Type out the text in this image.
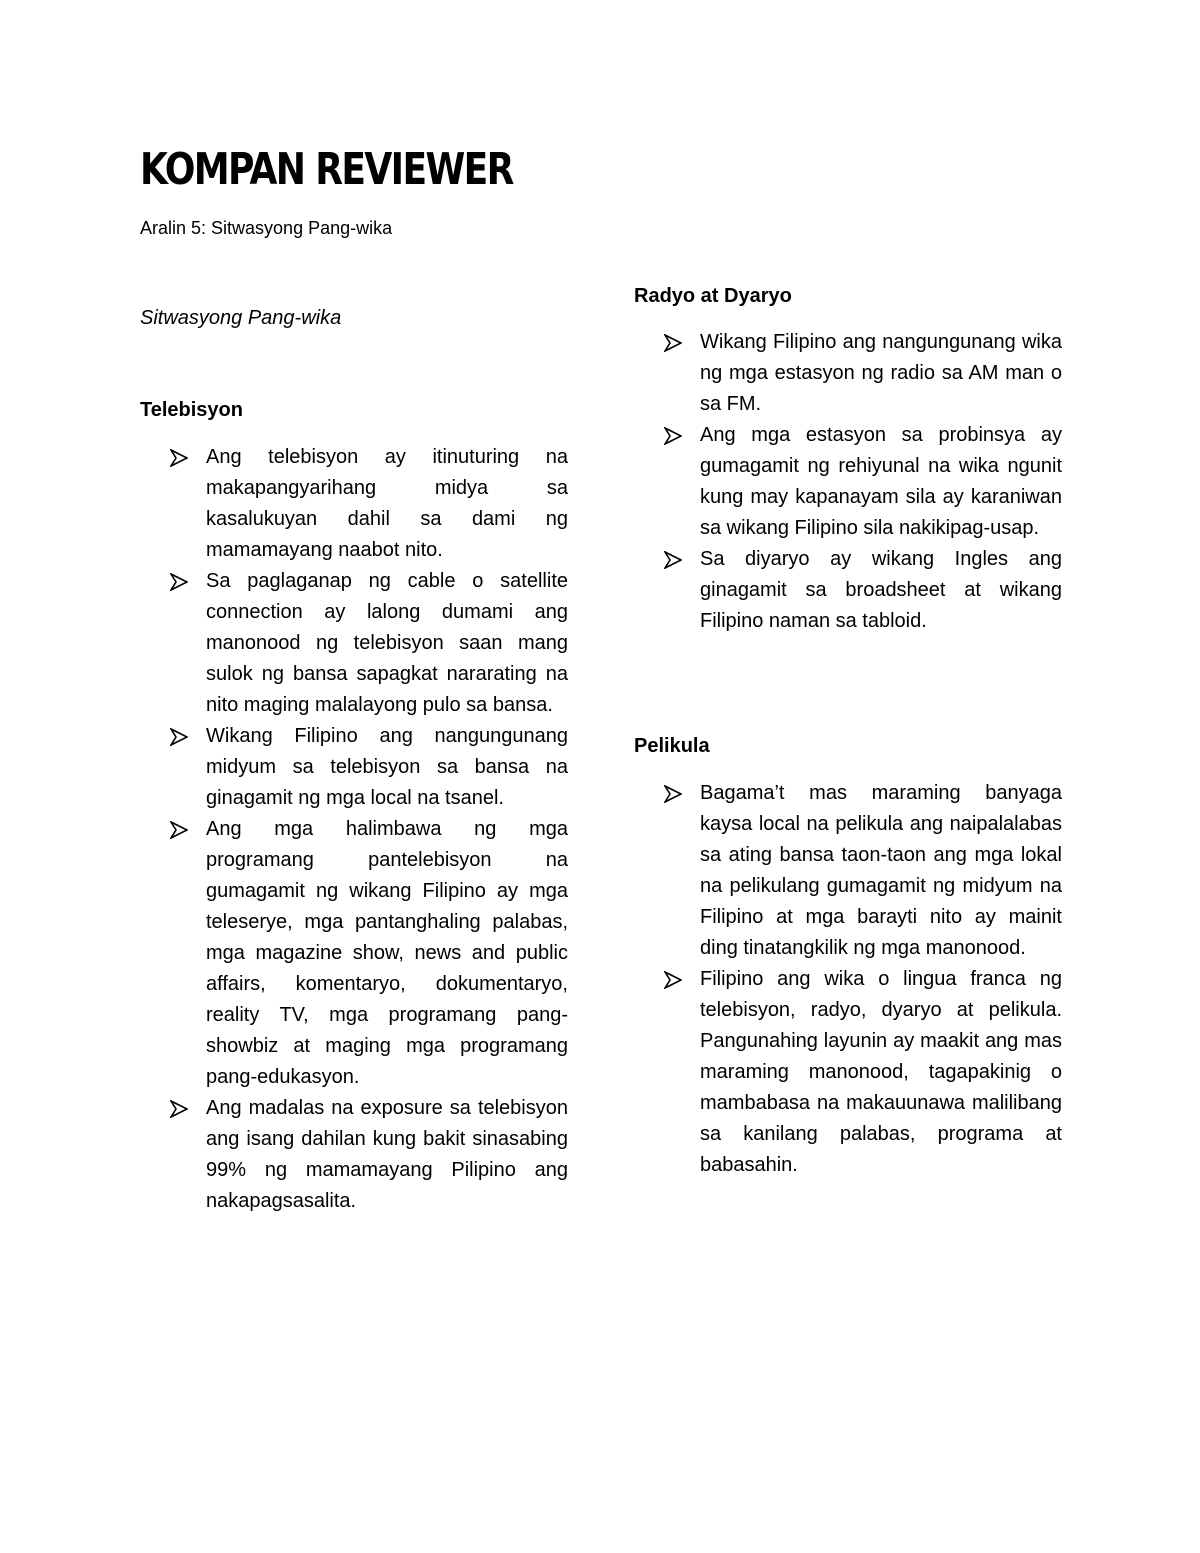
KOMPAN REVIEWER
Aralin 5: Sitwasyong Pang-wika
Sitwasyong Pang-wika
Telebisyon
Ang telebisyon ay itinuturing na makapangyarihang midya sa kasalukuyan dahil sa dami ng mamamayang naabot nito.
Sa paglaganap ng cable o satellite connection ay lalong dumami ang manonood ng telebisyon saan mang sulok ng bansa sapagkat nararating na nito maging malalayong pulo sa bansa.
Wikang Filipino ang nangungunang midyum sa telebisyon sa bansa na ginagamit ng mga local na tsanel.
Ang mga halimbawa ng mga programang pantelebisyon na gumagamit ng wikang Filipino ay mga teleserye, mga pantanghaling palabas, mga magazine show, news and public affairs, komentaryo, dokumentaryo, reality TV, mga programang pang-showbiz at maging mga programang pang-edukasyon.
Ang madalas na exposure sa telebisyon ang isang dahilan kung bakit sinasabing 99% ng mamamayang Pilipino ang nakapagsasalita.
Radyo at Dyaryo
Wikang Filipino ang nangungunang wika ng mga estasyon ng radio sa AM man o sa FM.
Ang mga estasyon sa probinsya ay gumagamit ng rehiyunal na wika ngunit kung may kapanayam sila ay karaniwan sa wikang Filipino sila nakikipag-usap.
Sa diyaryo ay wikang Ingles ang ginagamit sa broadsheet at wikang Filipino naman sa tabloid.
Pelikula
Bagama’t mas maraming banyaga kaysa local na pelikula ang naipalalabas sa ating bansa taon-taon ang mga lokal na pelikulang gumagamit ng midyum na Filipino at mga barayti nito ay mainit ding tinatangkilik ng mga manonood.
Filipino ang wika o lingua franca ng telebisyon, radyo, dyaryo at pelikula. Pangunahing layunin ay maakit ang mas maraming manonood, tagapakinig o mambabasa na makauunawa malilibang sa kanilang palabas, programa at babasahin.
